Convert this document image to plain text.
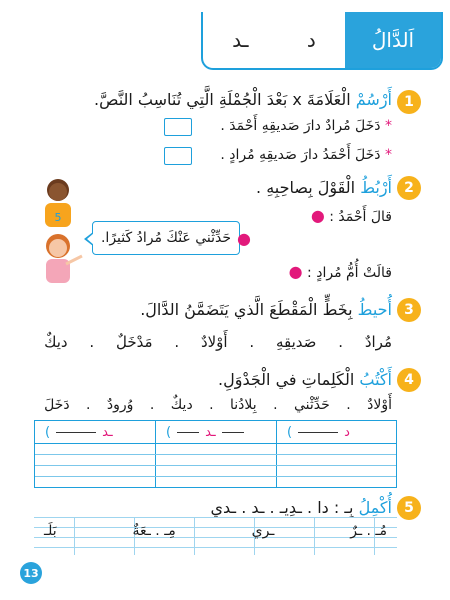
ـد	د	اَلدَّالُ
1
أَرْسُمْ الْعَلَامَةَ x بَعْدَ الْجُمْلَةِ الَّتِي تُنَاسِبُ النَّصَّ.
* دَخَلَ مُرادٌ دارَ صَديقِهِ أَحْمَدَ .
* دَخَلَ أَحْمَدُ دارَ صَديقِهِ مُرادٍ .
2
أَرْبُطُ الْقَوْلَ بِصاحِبِهِ .
قالَ أَحْمَدُ : ●
قالَتْ أُمُّ مُرادٍ : ●
●
حَدِّثْني عَنْكَ مُرادُ كَثيرًا.
5
3
أُحيطُ بِخَطٍّ الْمَقْطَعَ الَّذي يَتَضَمَّنُ الدَّالَ.
مُرادٌ
.
صَديقِهِ
.
أَوْلادٌ
.
مَدْخَلٌ
.
ديكٌ
4
أَكْتُبُ الْكَلِماتِ في الْجَدْوَلِ.
أَوْلادٌ
.
حَدِّثْني
.
بِلادُنا
.
ديكٌ
.
وُرودٌ
.
دَخَلَ
(	ـد	(	ـد	(	د
5
أُكْمِلُ بِـ : دا . ـدِيـ . ـد . ـدي
مُـ . ـرٌ
ـري
مِـ . ـعَةٌ
بَلَـ
13
